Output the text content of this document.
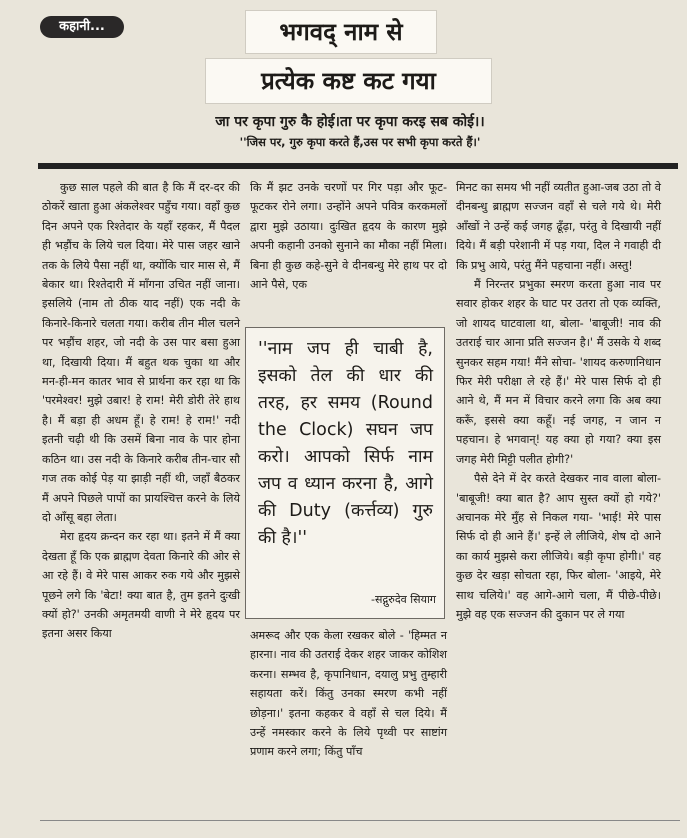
कहानी...	भगवद् नाम से
प्रत्येक कष्ट कट गया
जा पर कृपा गुरु कै होई।ता पर कृपा करइ सब कोई।।
''जिस पर, गुरु कृपा करते हैं,उस पर सभी कृपा करते हैं।'

कुछ साल पहले की बात है कि मैं दर-दर की ठोकरें खाता हुआ अंकलेश्वर पहुँच गया। वहाँ कुछ दिन अपने एक रिश्तेदार के यहाँ रहकर, मैं पैदल ही भड़ौंच के लिये चल दिया। मेरे पास जहर खाने तक के लिये पैसा नहीं था, क्योंकि चार मास से, मैं बेकार था। रिश्तेदारी में माँगना उचित नहीं जाना। इसलिये (नाम तो ठीक याद नहीं) एक नदी के किनारे-किनारे चलता गया। करीब तीन मील चलने पर भड़ौंच शहर, जो नदी के उस पार बसा हुआ था, दिखायी दिया। मैं बहुत थक चुका था और मन-ही-मन कातर भाव से प्रार्थना कर रहा था कि 'परमेश्वर! मुझे उबार! हे राम! मेरी डोरी तेरे हाथ है। मैं बड़ा ही अधम हूँ। हे राम! हे राम!' नदी इतनी चढ़ी थी कि उसमें बिना नाव के पार होना कठिन था। उस नदी के किनारे करीब तीन-चार सौ गज तक कोई पेड़ या झाड़ी नहीं थी, जहाँ बैठकर मैं अपने पिछले पापों का प्रायश्चित्त करने के लिये दो आँसू बहा लेता।

मेरा हृदय क्रन्दन कर रहा था। इतने में मैं क्या देखता हूँ कि एक ब्राह्मण देवता किनारे की ओर से आ रहे हैं। वे मेरे पास आकर रुक गये और मुझसे पूछने लगे कि 'बेटा! क्या बात है, तुम इतने दुःखी क्यों हो?' उनकी अमृतमयी वाणी ने मेरे हृदय पर इतना असर किया

कि मैं झट उनके चरणों पर गिर पड़ा और फूट-फूटकर रोने लगा। उन्होंने अपने पवित्र करकमलों द्वारा मुझे उठाया। दुःखित हृदय के कारण मुझे अपनी कहानी उनको सुनाने का मौका नहीं मिला। बिना ही कुछ कहे-सुने वे दीनबन्धु मेरे हाथ पर दो आने पैसे, एक

''नाम जप ही चाबी है, इसको तेल की धार की तरह, हर समय (Round the Clock) सघन जप करो। आपको सिर्फ नाम जप व ध्यान करना है, आगे की Duty (कर्त्तव्य) गुरु की है।''
-सद्गुरुदेव सियाग

अमरूद और एक केला रखकर बोले - 'हिम्मत न हारना। नाव की उतराई देकर शहर जाकर कोशिश करना। सम्भव है, कृपानिधान, दयालु प्रभु तुम्हारी सहायता करें। किंतु उनका स्मरण कभी नहीं छोड़ना।' इतना कहकर वे वहाँ से चल दिये। मैं उन्हें नमस्कार करने के लिये पृथ्वी पर साष्टांग प्रणाम करने लगा; किंतु पाँच

मिनट का समय भी नहीं व्यतीत हुआ-जब उठा तो वे दीनबन्धु ब्राह्मण सज्जन वहाँ से चले गये थे। मेरी आँखों ने उन्हें कई जगह ढूँढ़ा, परंतु वे दिखायी नहीं दिये। मैं बड़ी परेशानी में पड़ गया, दिल ने गवाही दी कि प्रभु आये, परंतु मैंने पहचाना नहीं। अस्तु!

मैं निरन्तर प्रभुका स्मरण करता हुआ नाव पर सवार होकर शहर के घाट पर उतरा तो एक व्यक्ति, जो शायद घाटवाला था, बोला- 'बाबूजी! नाव की उतराई चार आना प्रति सज्जन है।' मैं उसके ये शब्द सुनकर सहम गया! मैंने सोचा- 'शायद करुणानिधान फिर मेरी परीक्षा ले रहे हैं।' मेरे पास सिर्फ दो ही आने थे, मैं मन में विचार करने लगा कि अब क्या करूँ, इससे क्या कहूँ। नई जगह, न जान न पहचान। हे भगवान्! यह क्या हो गया? क्या इस जगह मेरी मिट्टी पलीत होगी?'

पैसे देने में देर करते देखकर नाव वाला बोला- 'बाबूजी! क्या बात है? आप सुस्त क्यों हो गये?' अचानक मेरे मुँह से निकल गया- 'भाई! मेरे पास सिर्फ दो ही आने हैं।' इन्हें ले लीजिये, शेष दो आने का कार्य मुझसे करा लीजिये। बड़ी कृपा होगी।' वह कुछ देर खड़ा सोचता रहा, फिर बोला- 'आइये, मेरे साथ चलिये।' वह आगे-आगे चला, मैं पीछे-पीछे। मुझे वह एक सज्जन की दुकान पर ले गया
